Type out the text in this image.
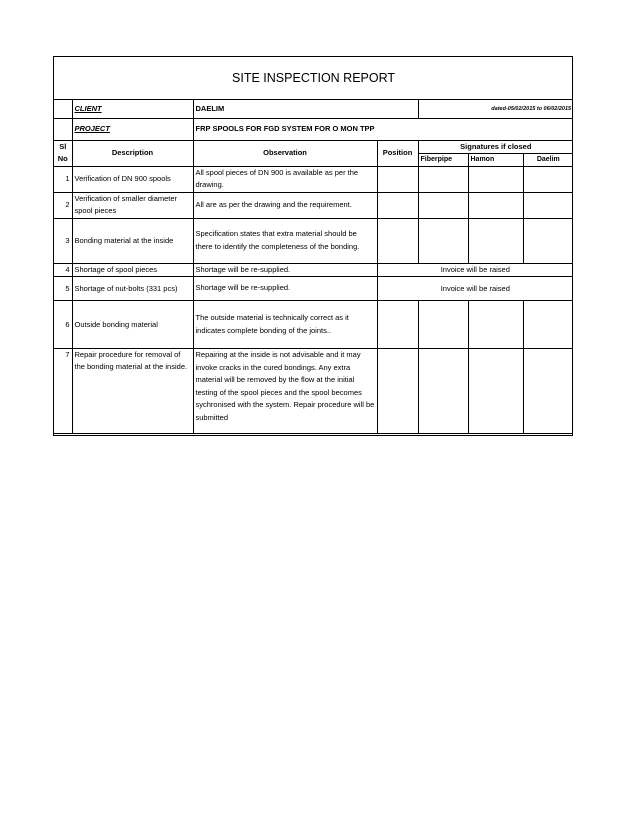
SITE INSPECTION REPORT						
	CLIENT	DAELIM		dated-05/02/2015 to 06/02/2015		
	PROJECT	FRP SPOOLS FOR FGD SYSTEM FOR O MON TPP				
Sl No	Description	Observation	Position	Signatures if closed		
				Fiberpipe	Hamon	Daelim
1	Verification of DN 900 spools	All spool pieces of DN 900 is available as per the drawing.				
2	Verification of smaller diameter spool pieces	All are as per the drawing and the requirement.				
3	Bonding material at the inside	Specification states that extra material should be there to identify the completeness of the bonding.				
4	Shortage of spool pieces	Shortage will be re-supplied.	Invoice will be raised			
5	Shortage of nut-bolts (331 pcs)	Shortage will be re-supplied.	Invoice will be raised			
6	Outside bonding material	The outside material is technically correct as it indicates complete bonding of the joints..				
7	Repair procedure for removal of the bonding material at the inside.	Repairing at the inside is not advisable and it may invoke cracks in the cured bondings. Any extra material will be removed by the flow at the initial testing of the spool pieces and the spool becomes sychronised with the system. Repair procedure will be submitted				
